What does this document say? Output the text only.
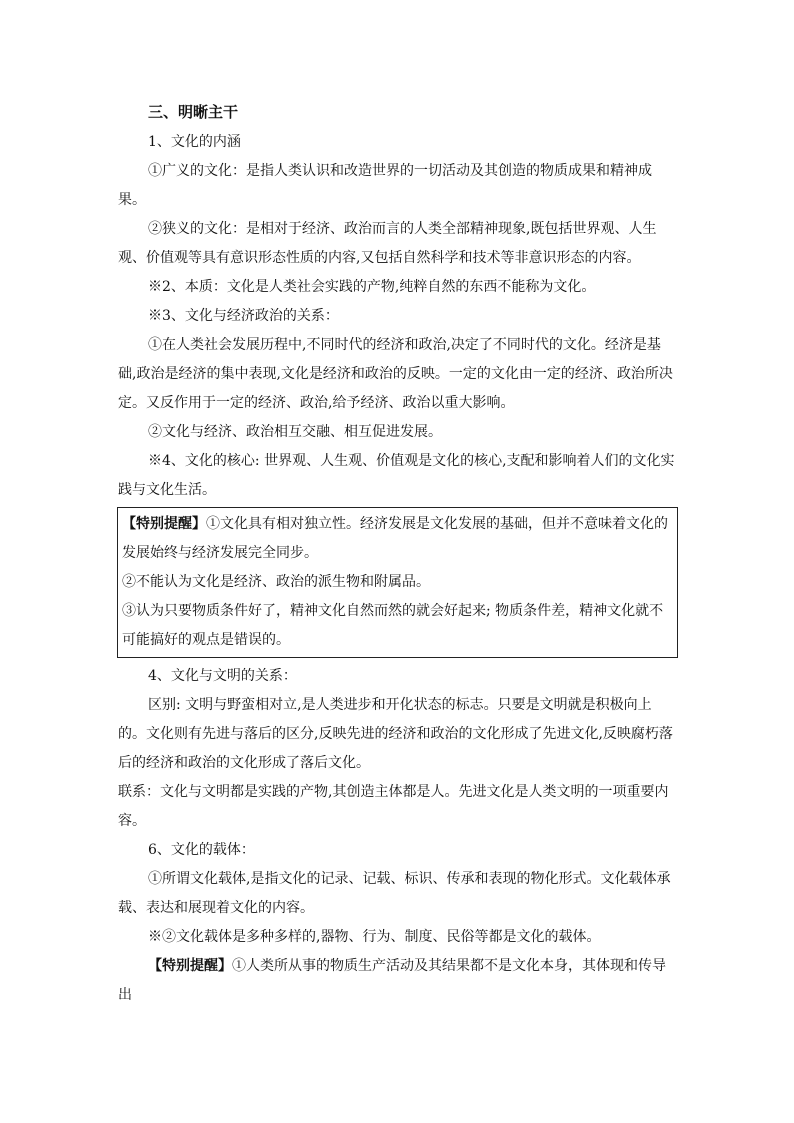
三、明晰主干

1、文化的内涵

①广义的文化：是指人类认识和改造世界的一切活动及其创造的物质成果和精神成果。

②狭义的文化：是相对于经济、政治而言的人类全部精神现象,既包括世界观、人生观、价值观等具有意识形态性质的内容,又包括自然科学和技术等非意识形态的内容。

※2、本质：文化是人类社会实践的产物,纯粹自然的东西不能称为文化。

※3、文化与经济政治的关系：

①在人类社会发展历程中,不同时代的经济和政治,决定了不同时代的文化。经济是基础,政治是经济的集中表现,文化是经济和政治的反映。一定的文化由一定的经济、政治所决定。又反作用于一定的经济、政治,给予经济、政治以重大影响。

②文化与经济、政治相互交融、相互促进发展。

※4、文化的核心: 世界观、人生观、价值观是文化的核心,支配和影响着人们的文化实践与文化生活。

【特别提醒】①文化具有相对独立性。经济发展是文化发展的基础，但并不意味着文化的发展始终与经济发展完全同步。

②不能认为文化是经济、政治的派生物和附属品。

③认为只要物质条件好了，精神文化自然而然的就会好起来; 物质条件差，精神文化就不可能搞好的观点是错误的。

4、文化与文明的关系：

区别: 文明与野蛮相对立,是人类进步和开化状态的标志。只要是文明就是积极向上的。文化则有先进与落后的区分,反映先进的经济和政治的文化形成了先进文化,反映腐朽落后的经济和政治的文化形成了落后文化。

联系：文化与文明都是实践的产物,其创造主体都是人。先进文化是人类文明的一项重要内容。

6、文化的载体：

①所谓文化载体,是指文化的记录、记载、标识、传承和表现的物化形式。文化载体承载、表达和展现着文化的内容。

※②文化载体是多种多样的,器物、行为、制度、民俗等都是文化的载体。

【特别提醒】①人类所从事的物质生产活动及其结果都不是文化本身，其体现和传导出
